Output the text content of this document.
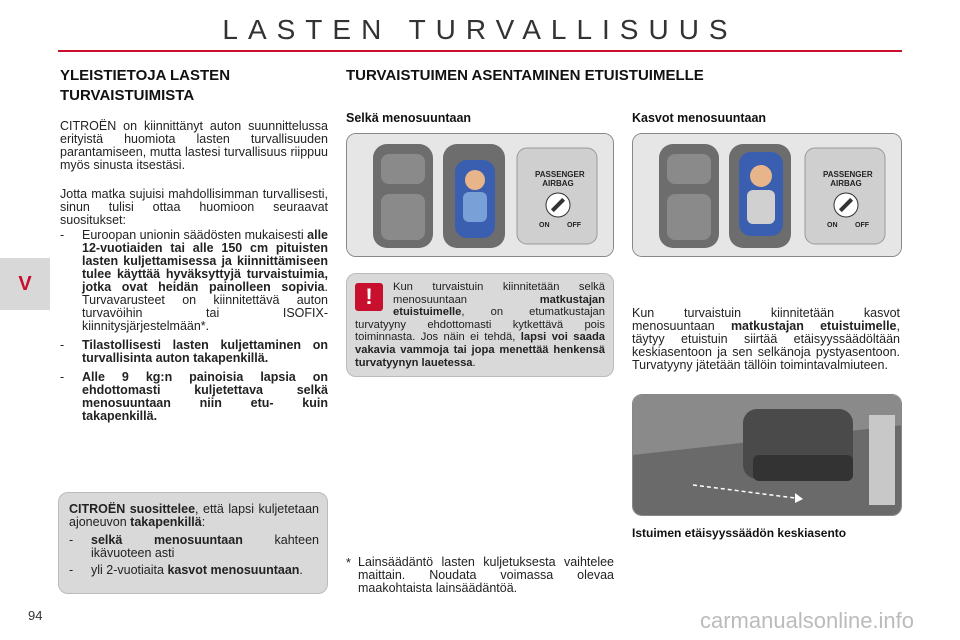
LASTEN TURVALLISUUS
V
YLEISTIETOJA LASTEN
TURVAISTUIMISTA

CITROËN on kiinnittänyt auton suunnittelussa erityistä huomiota lasten turvallisuuden parantamiseen, mutta lastesi turvallisuus riippuu myös sinusta itsestäsi.

Jotta matka sujuisi mahdollisimman turvallisesti, sinun tulisi ottaa huomioon seuraavat suositukset:

- Euroopan unionin säädösten mukaisesti alle 12-vuotiaiden tai alle 150 cm pituisten lasten kuljettamisessa ja kiinnittämiseen tulee käyttää hyväksyttyjä turvaistuimia, jotka ovat heidän painolleen sopivia. Turvavarusteet on kiinnitettävä auton turvavöihin tai ISOFIX-kiinnitysjärjestelmään*.
- Tilastollisesti lasten kuljettaminen on turvallisinta auton takapenkillä.
- Alle 9 kg:n painoisia lapsia on ehdottomasti kuljetettava selkä menosuuntaan niin etu- kuin takapenkillä.

CITROËN suosittelee, että lapsi kuljetetaan ajoneuvon takapenkillä:

- selkä menosuuntaan kahteen ikävuoteen asti
- yli 2-vuotiaita kasvot menosuuntaan.
TURVAISTUIMEN ASENTAMINEN ETUISTUIMELLE
Selkä menosuuntaan
PASSENGER
AIRBAG
ON	OFF
!	Kun turvaistuin kiinnitetään selkä menosuuntaan matkustajan etuistuimelle, on etumatkustajan turvatyyny ehdottomasti kytkettävä pois toiminnasta. Jos näin ei tehdä, lapsi voi saada vakavia vammoja tai jopa menettää henkensä turvatyynyn lauetessa.

* Lainsäädäntö lasten kuljetuksesta vaihtelee maittain. Noudata voimassa olevaa maakohtaista lainsäädäntöä.

Kasvot menosuuntaan
PASSENGER
AIRBAG
ON	OFF

Kun turvaistuin kiinnitetään kasvot menosuuntaan matkustajan etuistuimelle, täytyy etuistuin siirtää etäisyyssäädöltään keskiasentoon ja sen selkänoja pystyasentoon. Turvatyyny jätetään tällöin toimintavalmiuteen.

Istuimen etäisyyssäädön keskiasento
94	carmanualsonline.info
